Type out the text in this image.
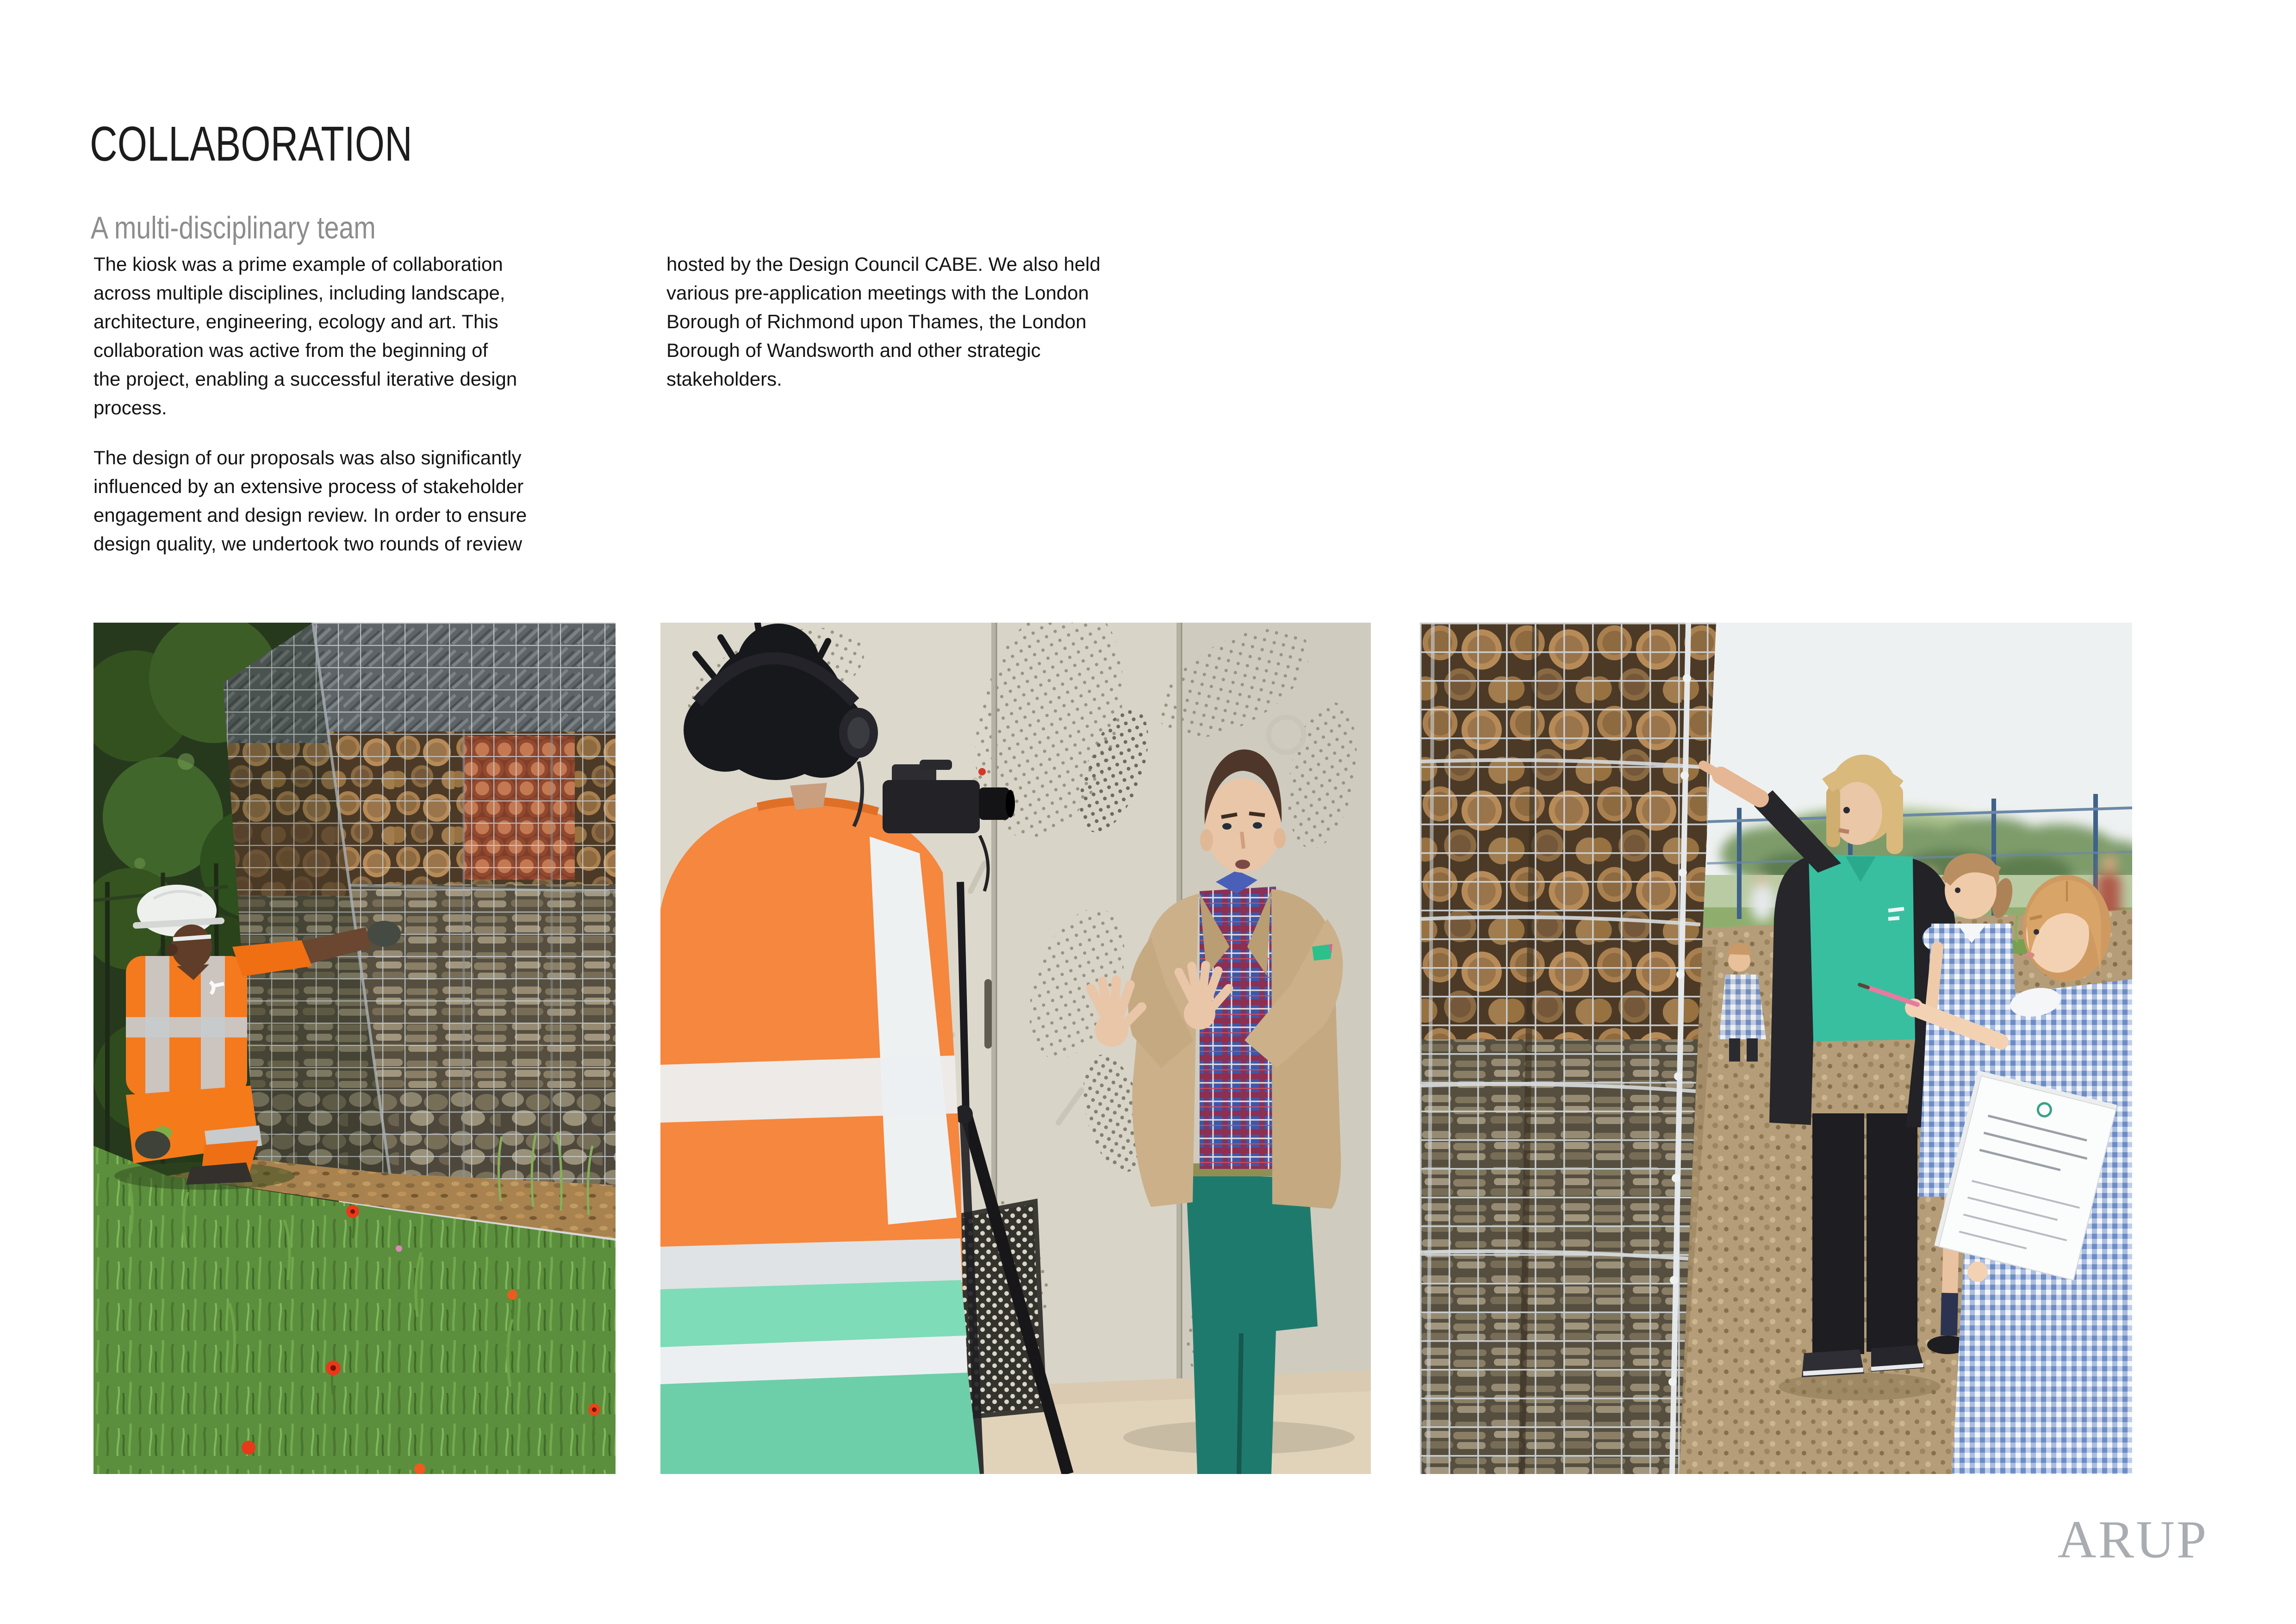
COLLABORATION
A multi-disciplinary team

The kiosk was a prime example of collaboration
across multiple disciplines, including landscape,
architecture, engineering, ecology and art. This
collaboration was active from the beginning of
the project, enabling a successful iterative design
process.

The design of our proposals was also significantly
influenced by an extensive process of stakeholder
engagement and design review. In order to ensure
design quality, we undertook two rounds of review

hosted by the Design Council CABE. We also held
various pre-application meetings with the London
Borough of Richmond upon Thames, the London
Borough of Wandsworth and other strategic
stakeholders.

ARUP
